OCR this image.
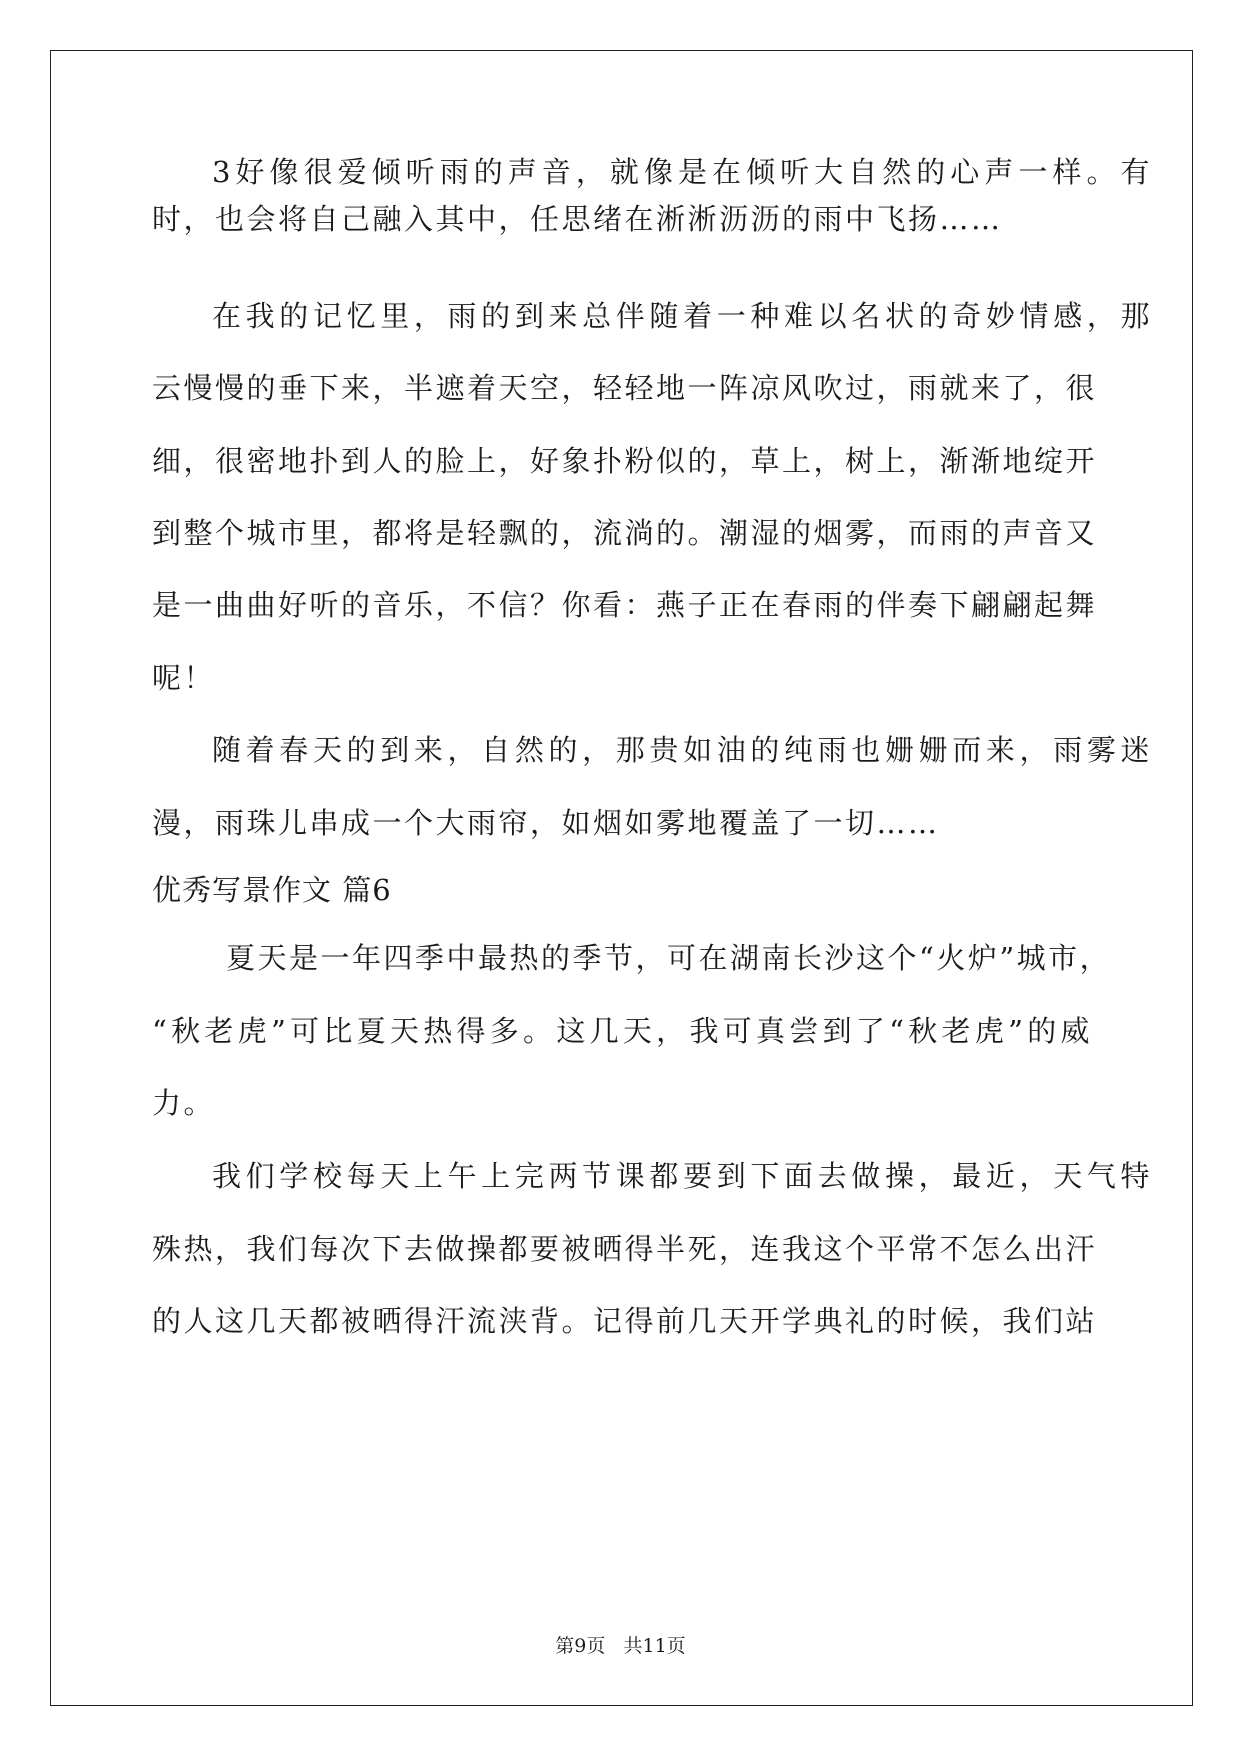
3好像很爱倾听雨的声音，就像是在倾听大自然的心声一样。有
时，也会将自己融入其中，任思绪在淅淅沥沥的雨中飞扬……
在我的记忆里，雨的到来总伴随着一种难以名状的奇妙情感，那
云慢慢的垂下来，半遮着天空，轻轻地一阵凉风吹过，雨就来了，很
细，很密地扑到人的脸上，好象扑粉似的，草上，树上，渐渐地绽开
到整个城市里，都将是轻飘的，流淌的。潮湿的烟雾，而雨的声音又
是一曲曲好听的音乐，不信？你看：燕子正在春雨的伴奏下翩翩起舞
呢！
随着春天的到来，自然的，那贵如油的纯雨也姗姗而来，雨雾迷
漫，雨珠儿串成一个大雨帘，如烟如雾地覆盖了一切……
优秀写景作文 篇6
夏天是一年四季中最热的季节，可在湖南长沙这个“火炉”城市，
“秋老虎”可比夏天热得多。这几天，我可真尝到了“秋老虎”的威
力。
我们学校每天上午上完两节课都要到下面去做操，最近，天气特
殊热，我们每次下去做操都要被晒得半死，连我这个平常不怎么出汗
的人这几天都被晒得汗流浃背。记得前几天开学典礼的时候，我们站
第9页   共11页
